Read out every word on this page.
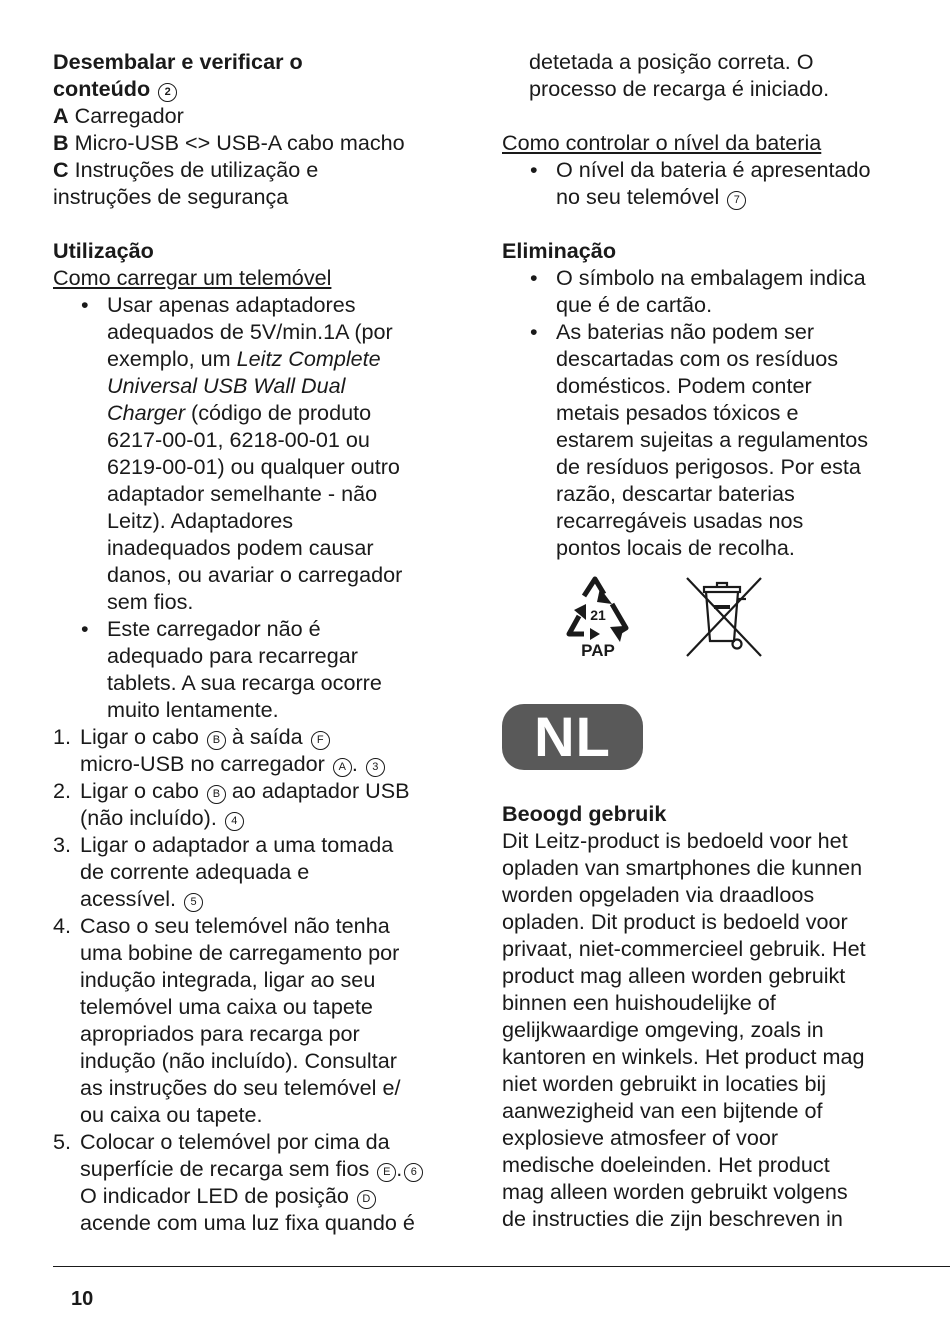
Desembalar e verificar o
conteúdo 2

A Carregador

B Micro-USB <> USB-A cabo macho

C Instruções de utilização e
instruções de segurança

Utilização

Como carregar um telemóvel

• Usar apenas adaptadores
adequados de 5V/min.1A (por
exemplo, um Leitz Complete
Universal USB Wall Dual
Charger (código de produto
6217-00-01, 6218-00-01 ou
6219-00-01) ou qualquer outro
adaptador semelhante - não
Leitz). Adaptadores
inadequados podem causar
danos, ou avariar o carregador
sem fios.
• Este carregador não é
adequado para recarregar
tablets. A sua recarga ocorre
muito lentamente.
1. Ligar o cabo B à saída F
micro-USB no carregador A . 3
2. Ligar o cabo B ao adaptador USB
(não incluído). 4
3. Ligar o adaptador a uma tomada
de corrente adequada e
acessível. 5
4. Caso o seu telemóvel não tenha
uma bobine de carregamento por
indução integrada, ligar ao seu
telemóvel uma caixa ou tapete
apropriados para recarga por
indução (não incluído). Consultar
as instruções do seu telemóvel e/
ou caixa ou tapete.
5. Colocar o telemóvel por cima da
superfície de recarga sem fios E . 6
O indicador LED de posição D
acende com uma luz fixa quando é

detetada a posição correta. O
processo de recarga é iniciado.

Como controlar o nível da bateria

• O nível da bateria é apresentado
no seu telemóvel 7

Eliminação

• O símbolo na embalagem indica
que é de cartão.
• As baterias não podem ser
descartadas com os resíduos
domésticos. Podem conter
metais pesados tóxicos e
estarem sujeitas a regulamentos
de resíduos perigosos. Por esta
razão, descartar baterias
recarregáveis usadas nos
pontos locais de recolha.
21
PAP
NL

Beoogd gebruik

Dit Leitz-product is bedoeld voor het
opladen van smartphones die kunnen
worden opgeladen via draadloos
opladen. Dit product is bedoeld voor
privaat, niet-commercieel gebruik. Het
product mag alleen worden gebruikt
binnen een huishoudelijke of
gelijkwaardige omgeving, zoals in
kantoren en winkels. Het product mag
niet worden gebruikt in locaties bij
aanwezigheid van een bijtende of
explosieve atmosfeer of voor
medische doeleinden. Het product
mag alleen worden gebruikt volgens
de instructies die zijn beschreven in

10
